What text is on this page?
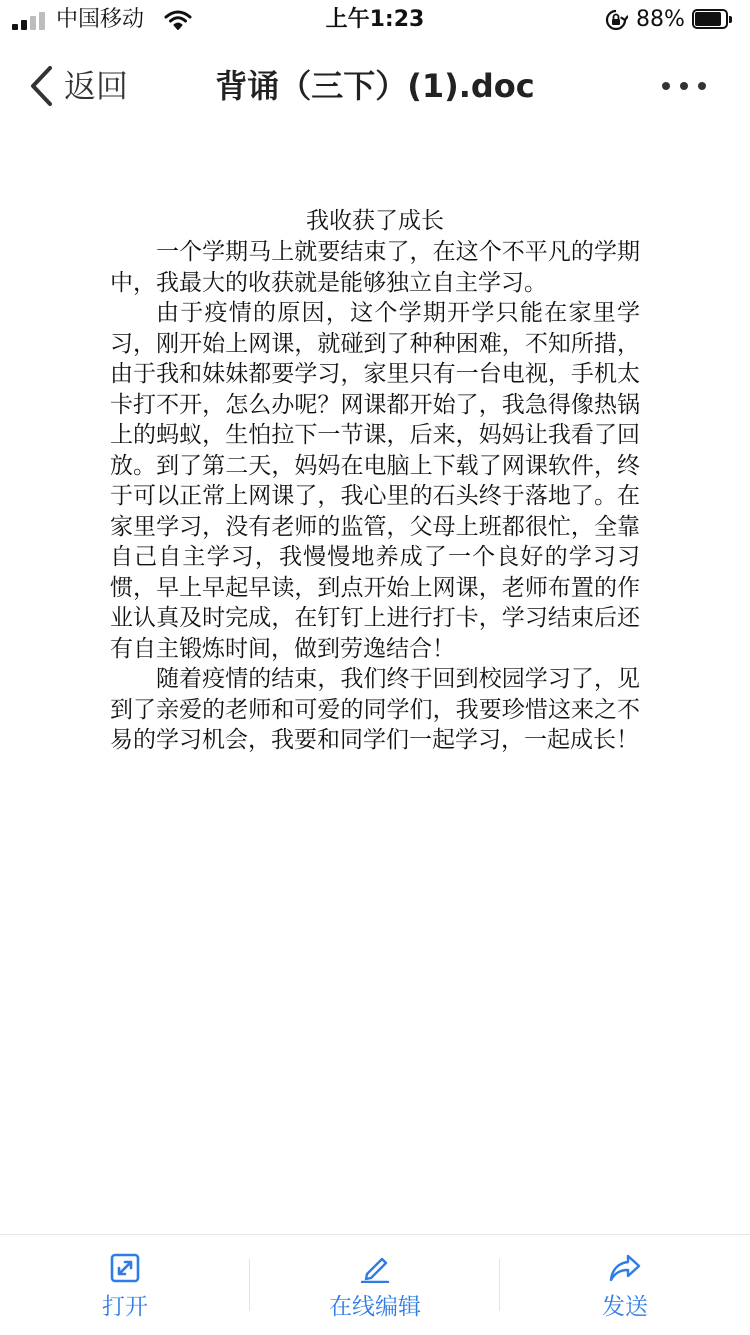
中国移动	上午1:23	88%
返回	背诵（三下）(1).doc
我收获了成长

一个学期马上就要结束了，在这个不平凡的学期中，我最大的收获就是能够独立自主学习。

由于疫情的原因，这个学期开学只能在家里学习，刚开始上网课，就碰到了种种困难，不知所措，由于我和妹妹都要学习，家里只有一台电视，手机太卡打不开，怎么办呢？网课都开始了，我急得像热锅上的蚂蚁，生怕拉下一节课，后来，妈妈让我看了回放。到了第二天，妈妈在电脑上下载了网课软件，终于可以正常上网课了，我心里的石头终于落地了。在家里学习，没有老师的监管，父母上班都很忙，全靠自己自主学习，我慢慢地养成了一个良好的学习习惯，早上早起早读，到点开始上网课，老师布置的作业认真及时完成，在钉钉上进行打卡，学习结束后还有自主锻炼时间，做到劳逸结合！

随着疫情的结束，我们终于回到校园学习了，见到了亲爱的老师和可爱的同学们，我要珍惜这来之不易的学习机会，我要和同学们一起学习，一起成长！

打开	在线编辑	发送
